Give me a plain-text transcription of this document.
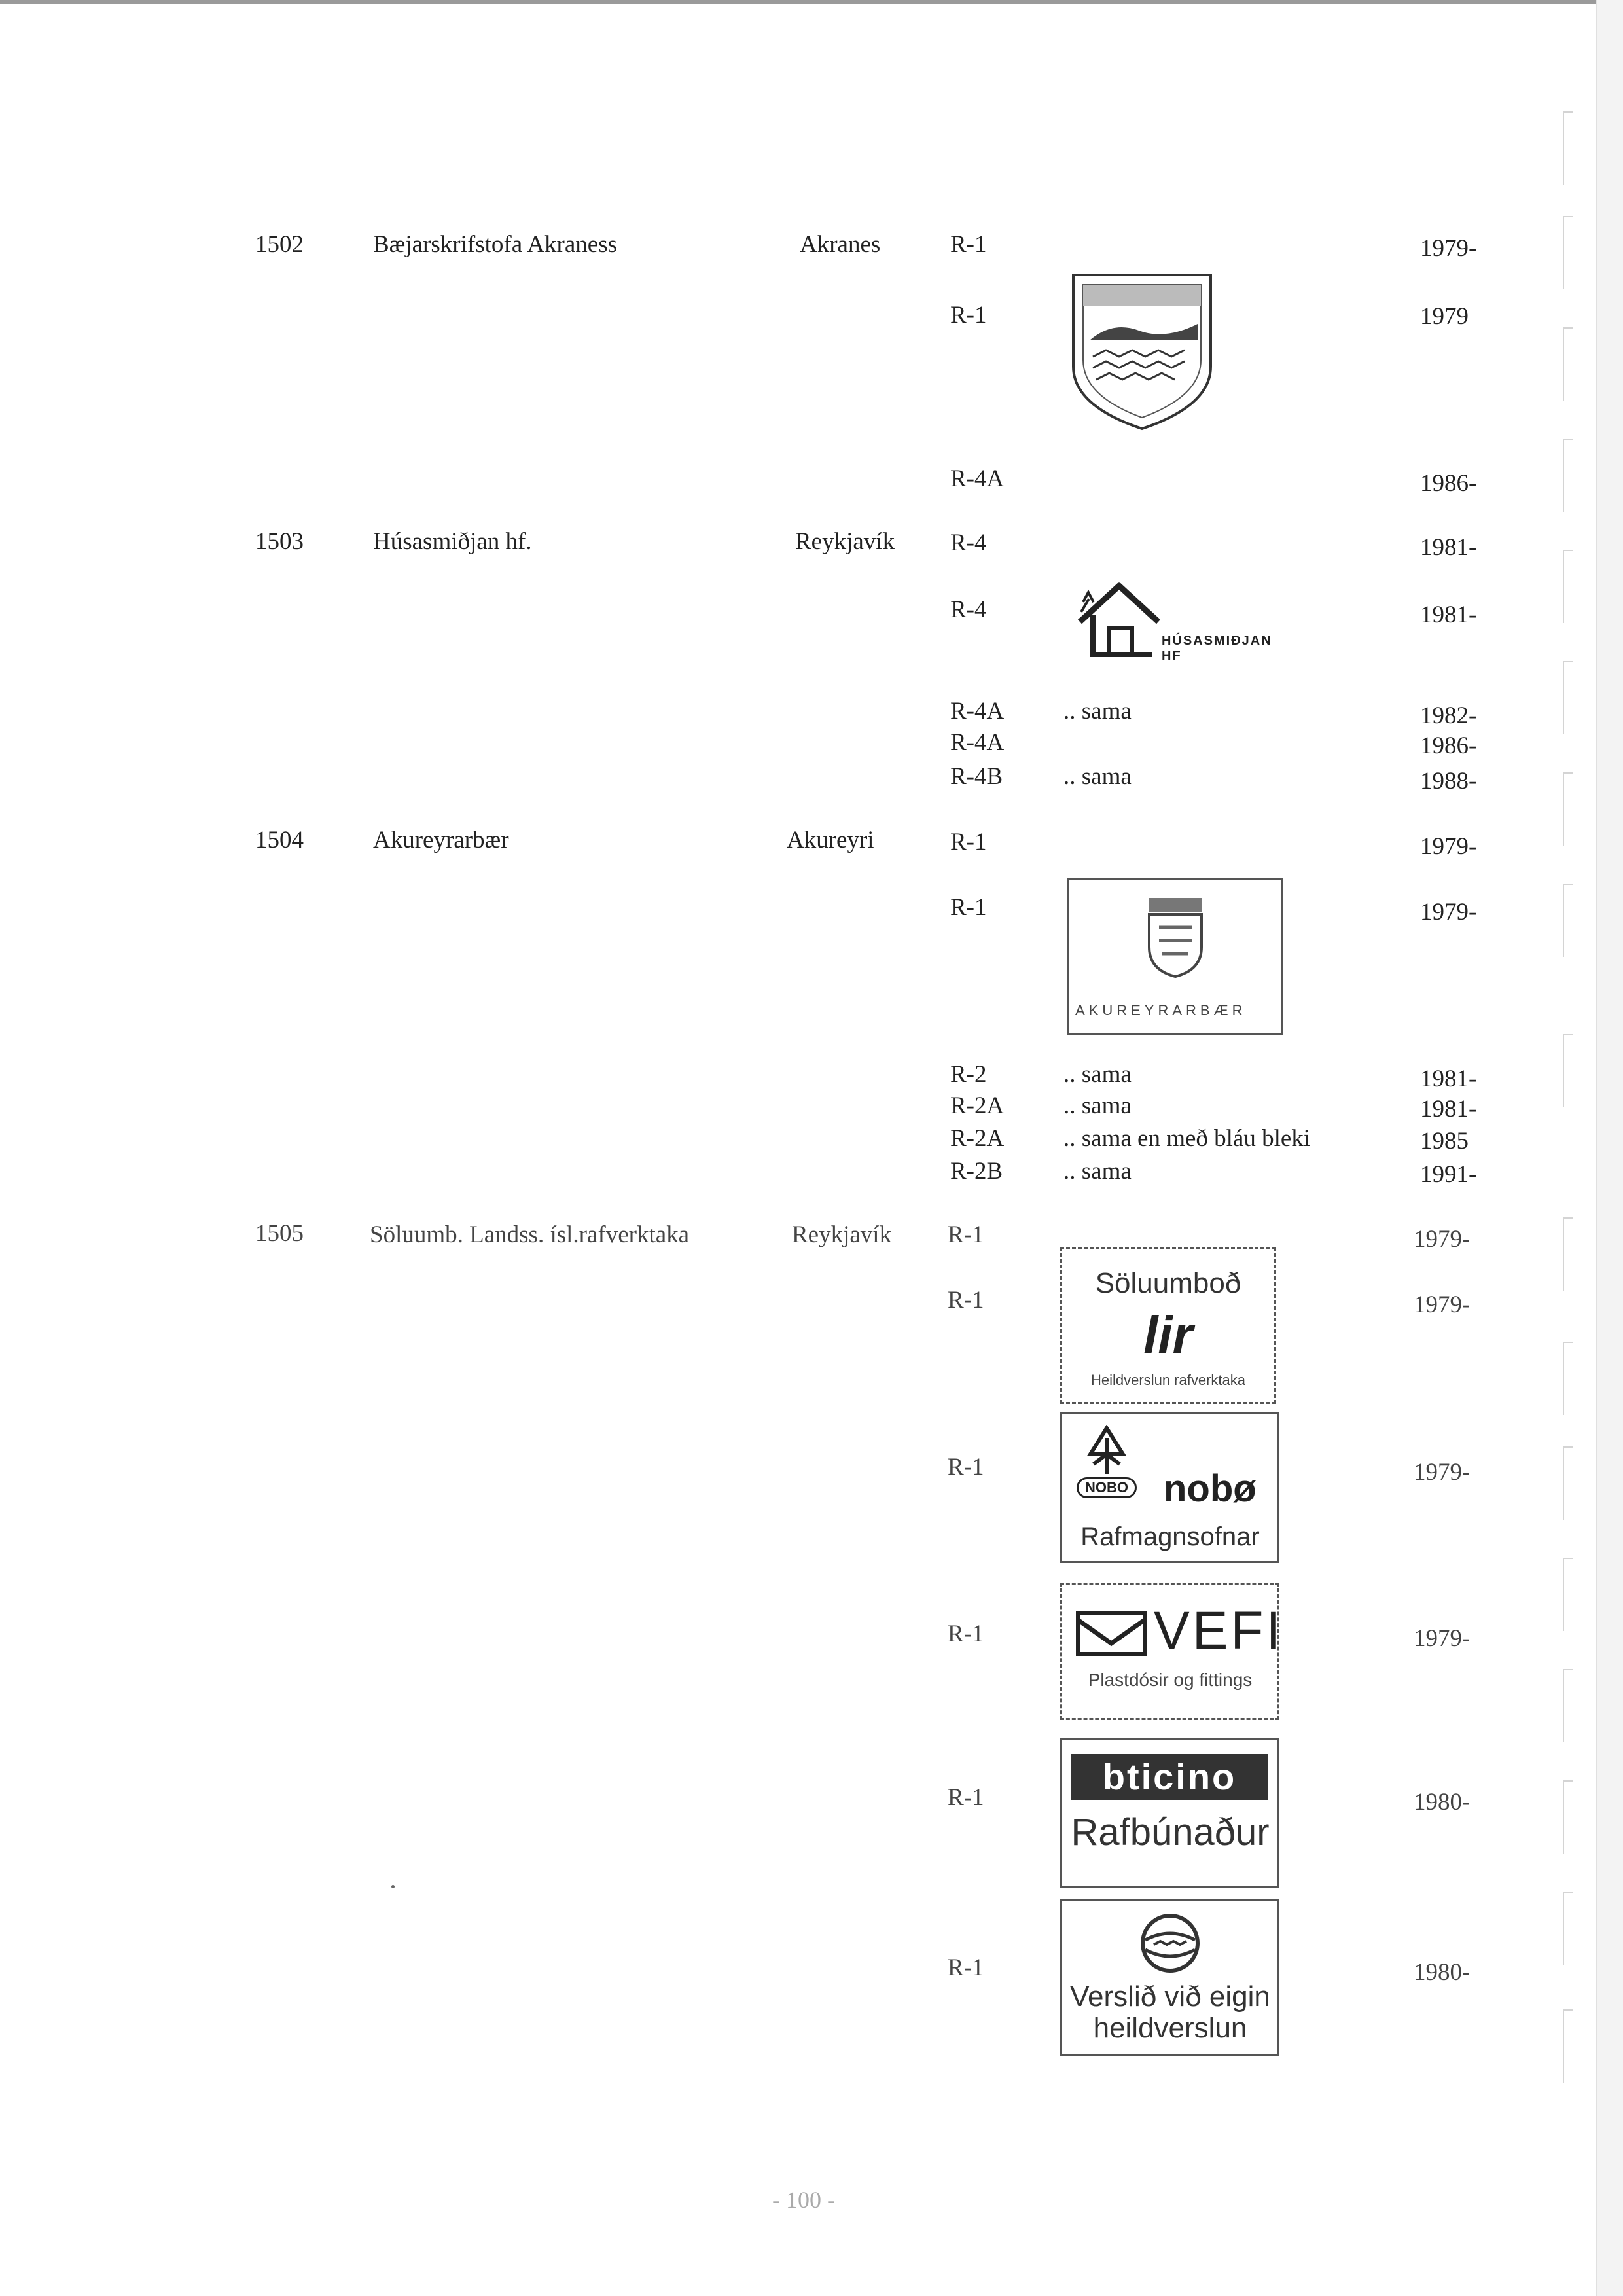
1502	Bæjarskrifstofa Akraness	Akranes	R-1	1979-
R-1	1979
R-4A	1986-
1503	Húsasmiðjan hf.	Reykjavík R-4	1981-
R-4	1981-
HÚSASMIÐJAN HF
R-4A .. sama	1982-
R-4A	1986-
R-4B	.. sama	1988-
1504	Akureyrarbær	Akureyri	R-1	1979-
R-1	1979-
AKUREYRARBÆR
R-2	.. sama	1981-
R-2A .. sama	1981-
R-2A .. sama en með bláu bleki	1985
R-2B	.. sama	1991-
1505	Söluumb. Landss. ísl.rafverktaka	Reykjavík R-1	1979-
Söluumboð
lir
Heildverslun rafverktaka
R-1	1979-
NOBO nobø
Rafmagnsofnar
R-1	1979-
VEFI
Plastdósir og fittings
R-1	1979-
bticino
Rafbúnaður
R-1	1980-
Verslið við eigin
heildverslun
R-1	1980-
- 100 -
